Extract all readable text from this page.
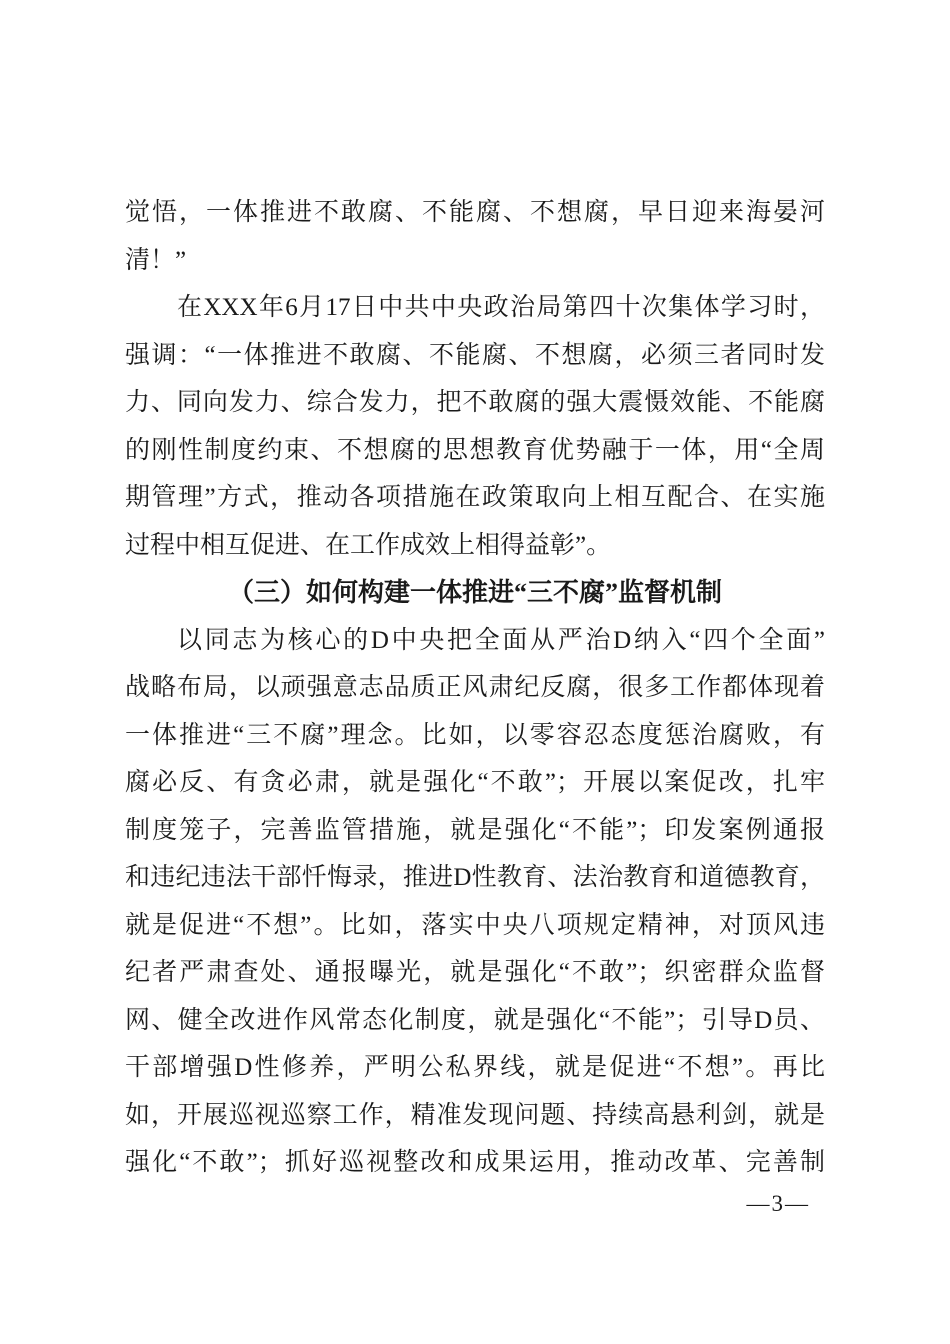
觉悟，一体推进不敢腐、不能腐、不想腐，早日迎来海晏河
清！”
在XXX年6月17日中共中央政治局第四十次集体学习时，
强调：“一体推进不敢腐、不能腐、不想腐，必须三者同时发
力、同向发力、综合发力，把不敢腐的强大震慑效能、不能腐
的刚性制度约束、不想腐的思想教育优势融于一体，用“全周
期管理”方式，推动各项措施在政策取向上相互配合、在实施
过程中相互促进、在工作成效上相得益彰”。
（三）如何构建一体推进“三不腐”监督机制
以同志为核心的D中央把全面从严治D纳入“四个全面”
战略布局，以顽强意志品质正风肃纪反腐，很多工作都体现着
一体推进“三不腐”理念。比如，以零容忍态度惩治腐败，有
腐必反、有贪必肃，就是强化“不敢”；开展以案促改，扎牢
制度笼子，完善监管措施，就是强化“不能”；印发案例通报
和违纪违法干部忏悔录，推进D性教育、法治教育和道德教育，
就是促进“不想”。比如，落实中央八项规定精神，对顶风违
纪者严肃查处、通报曝光，就是强化“不敢”；织密群众监督
网、健全改进作风常态化制度，就是强化“不能”；引导D员、
干部增强D性修养，严明公私界线，就是促进“不想”。再比
如，开展巡视巡察工作，精准发现问题、持续高悬利剑，就是
强化“不敢”；抓好巡视整改和成果运用，推动改革、完善制
—3—
